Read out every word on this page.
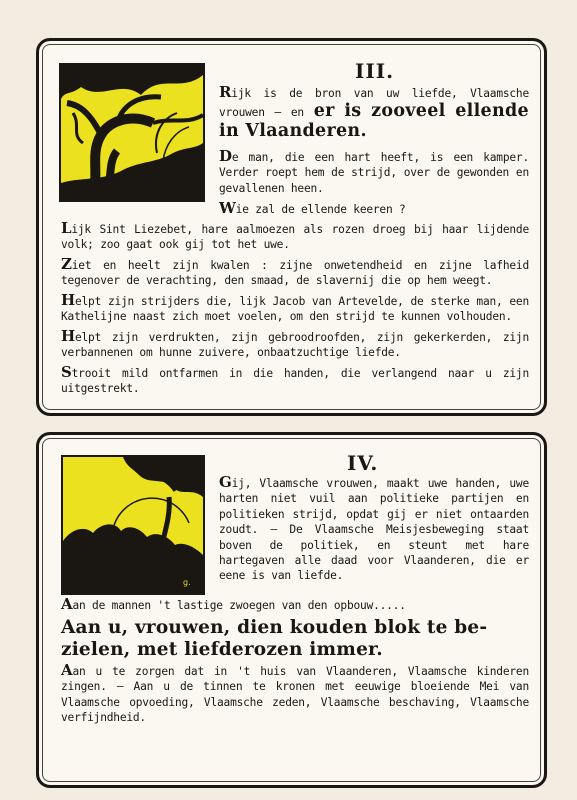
ɡ.
III.

Rijk is de bron van uw liefde, Vlaamsche vrouwen — en er is zooveel ellende in Vlaanderen.

De man, die een hart heeft, is een kamper. Verder roept hem de strijd, over de gewonden en gevallenen heen.

Wie zal de ellende keeren ?

Lijk Sint Liezebet, hare aalmoezen als rozen droeg bij haar lijdende volk; zoo gaat ook gij tot het uwe.

Ziet en heelt zijn kwalen : zijne onwetendheid en zijne lafheid tegenover de verachting, den smaad, de slavernij die op hem weegt.

Helpt zijn strijders die, lijk Jacob van Artevelde, de sterke man, een Kathelijne naast zich moet voelen, om den strijd te kunnen volhouden.

Helpt zijn verdrukten, zijn gebroodroofden, zijn gekerkerden, zijn verbannenen om hunne zuivere, onbaatzuchtige liefde.

Strooit mild ontfarmen in die handen, die verlangend naar u zijn uitgestrekt.

ɡ.
IV.

Gij, Vlaamsche vrouwen, maakt uwe handen, uwe harten niet vuil aan politieke partijen en politieken strijd, opdat gij er niet ontaarden zoudt. — De Vlaamsche Meisjesbeweging staat boven de politiek, en steunt met hare hartegaven alle daad voor Vlaanderen, die er eene is van liefde.

Aan de mannen 't lastige zwoegen van den opbouw.....

Aan u, vrouwen, dien kouden blok te bezielen, met liefderozen immer.

Aan u te zorgen dat in 't huis van Vlaanderen, Vlaamsche kinderen zingen. — Aan u de tinnen te kronen met eeuwige bloeiende Mei van Vlaamsche opvoeding, Vlaamsche zeden, Vlaamsche beschaving, Vlaamsche verfijndheid.
